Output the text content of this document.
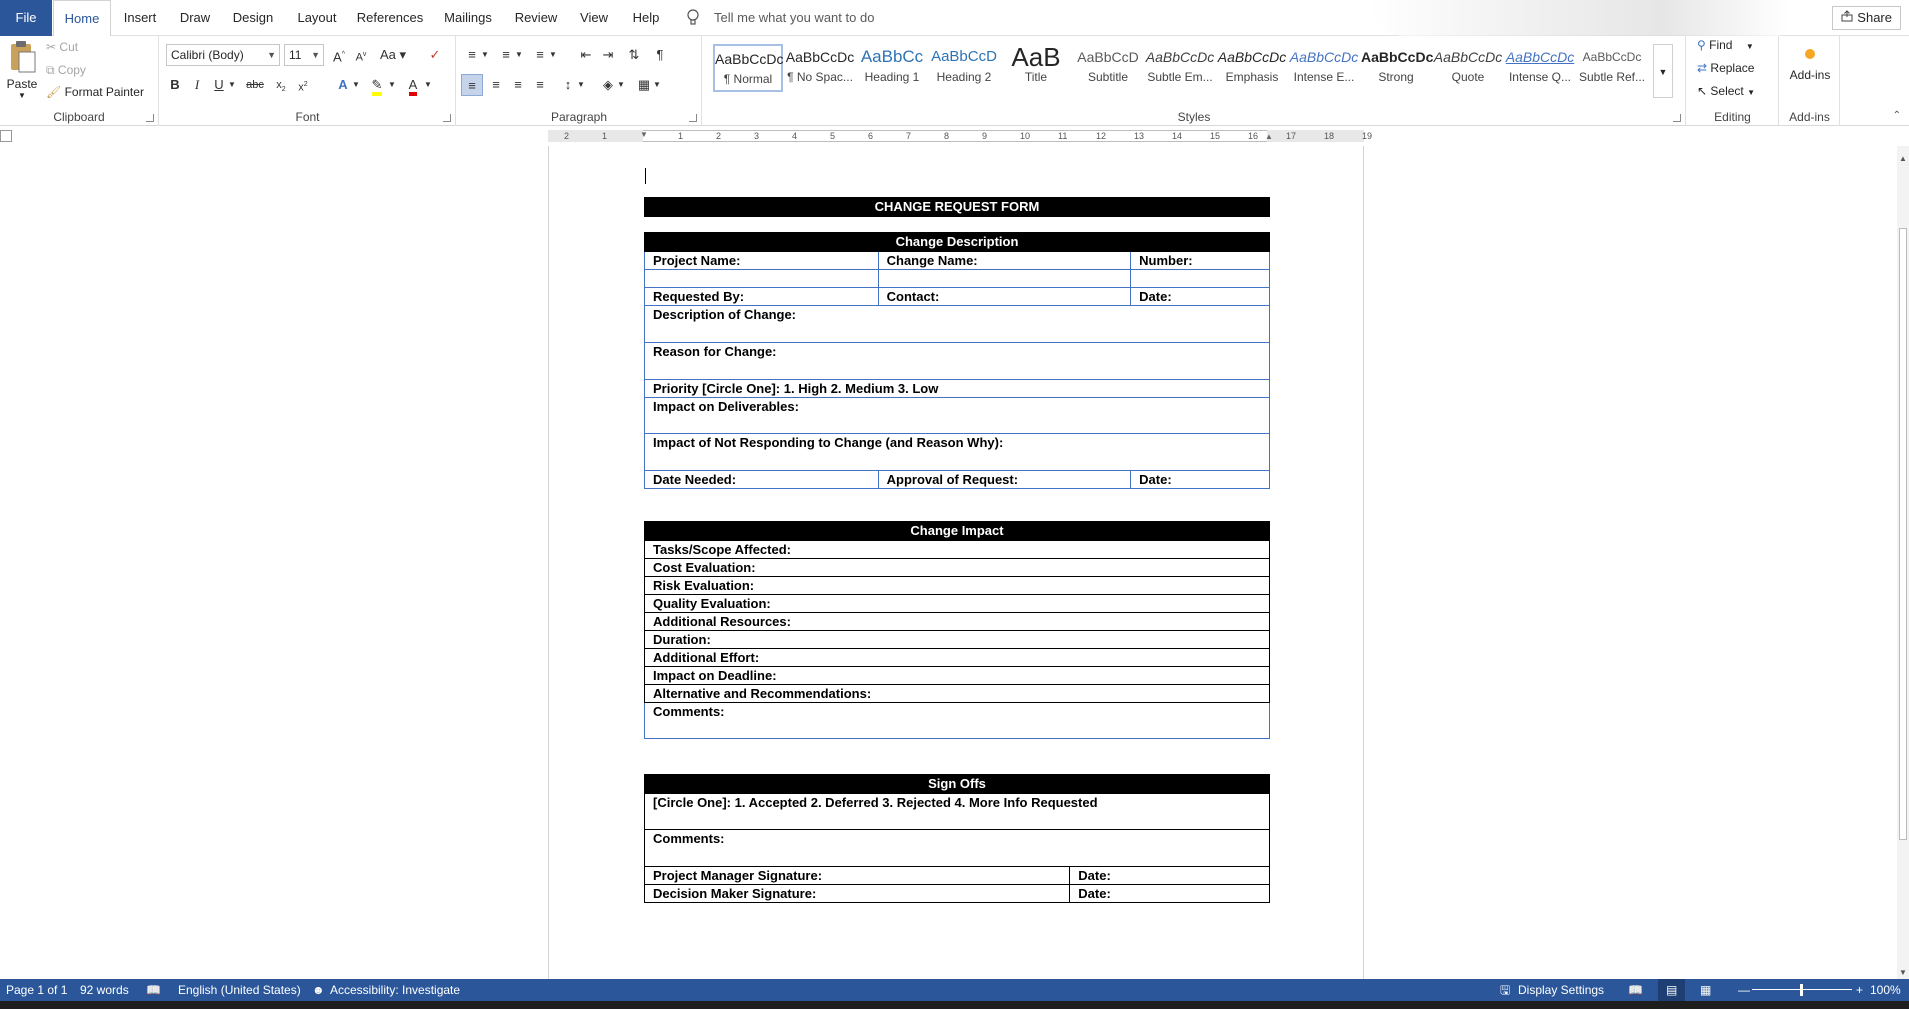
File	Home	Insert	Draw	Design	Layout	References	Mailings	Review	View	Help	Tell me what you want to do	Share
Paste
▼
✂ Cut
⧉ Copy
🖌 Format Painter
Clipboard
Calibri (Body)	▼	11 ▼	A^ $A^v$	Aa ▾	✓
B	I	U ▼ abc	$x_2$	$x^2$	A ▼ ✎ ▼ A ▼
Font
≡ ▼	≡ ▼	≡ ▼	⇤ ⇥	⇅	¶
≡	≡	≡	≡	↕ ▼	◈ ▼ ▦ ▼
Paragraph
AaBbCcDc
¶ Normal
AaBbCcDc
¶ No Spac...
AaBbCc
Heading 1
AaBbCcD
Heading 2
AaB
Title
AaBbCcD
Subtitle
AaBbCcDc
Subtle Em...
AaBbCcDc
Emphasis
AaBbCcDc
Intense E...
AaBbCcDc
Strong
AaBbCcDc
Quote
AaBbCcDc
Intense Q...
AaBbCcDc
Subtle Ref...	▼
Styles
⚲ Find ▼
⇄ Replace
↖ Select ▼
Editing
Add-ins
Add-ins	⌃
2	1	1	2	3	4	5	6	7	8	9	10	11	12	13	14	15	16	17	18	19
▼	▲
CHANGE REQUEST FORM
Change Description		
Project Name:	Change Name:	Number:

Requested By:	Contact:	Date:
Description of Change:		
Reason for Change:		
Priority [Circle One]: 1. High 2. Medium 3. Low		
Impact on Deliverables:		
Impact of Not Responding to Change (and Reason Why):		
Date Needed:	Approval of Request:	Date:
Change Impact
Tasks/Scope Affected:
Cost Evaluation:
Risk Evaluation:
Quality Evaluation:
Additional Resources:
Duration:
Additional Effort:
Impact on Deadline:
Alternative and Recommendations:
Comments:
Sign Offs	
[Circle One]: 1. Accepted 2. Deferred 3. Rejected 4. More Info Requested	
Comments:	
Project Manager Signature:	Date:
Decision Maker Signature:	Date:
▲
▼
Page 1 of 1 92 words 📖 English (United States) ☻ Accessibility: Investigate	🖫 Display Settings 📖	▤	▦ —	+ 100%
